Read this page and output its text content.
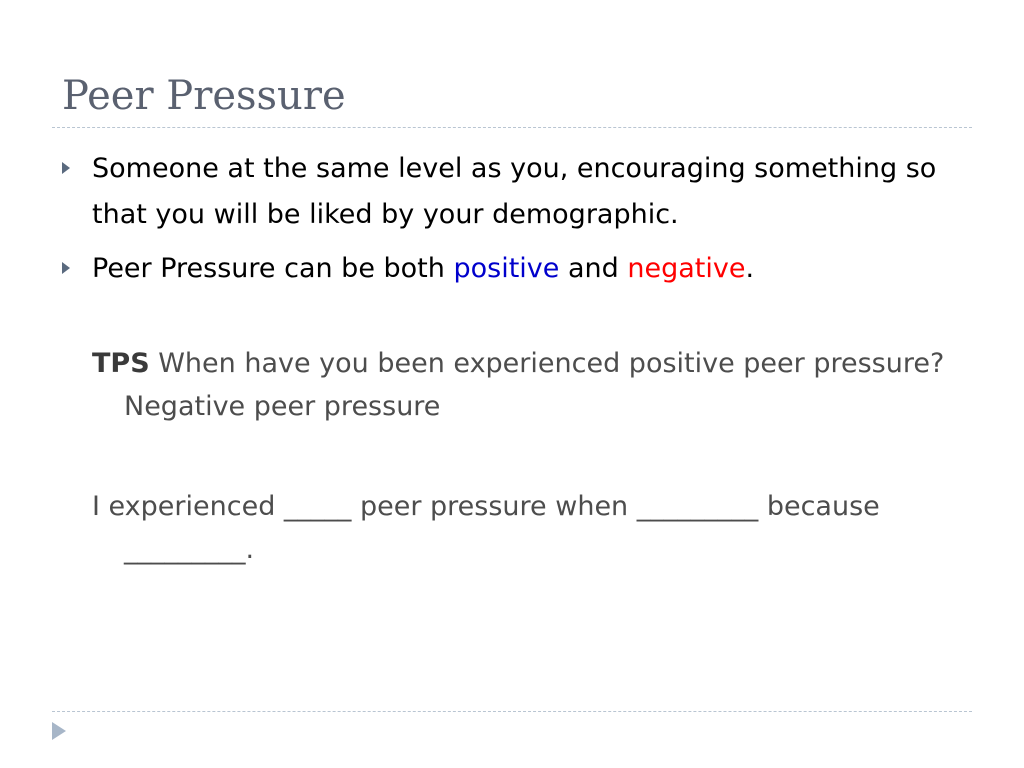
Peer Pressure
Someone at the same level as you, encouraging something so that you will be liked by your demographic.
Peer Pressure can be both positive and negative.
TPS When have you been experienced positive peer pressure? Negative peer pressure
I experienced _____ peer pressure when _________ because _________.
